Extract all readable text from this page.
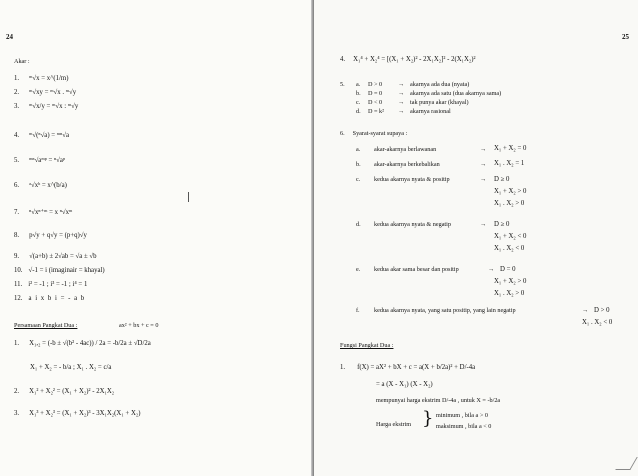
24
Akar :
1. ᵐ√x = x^(1/m)
2. ᵐ√xy = ᵐ√x . ᵐ√y
3. ᵐ√x/y = ᵐ√x : ᵐ√y
4. ᵐ√(ⁿ√a) = ᵐⁿ√a
5. ᵐⁿ√aᵐᵖ = ⁿ√aᵖ
6. ᵃ√xᵇ = x^(b/a)
7. ⁿ√xⁿ⁺ᵐ = x ⁿ√xᵐ
8. p√y + q√y = (p+q)√y
9. √(a+b) ± 2√ab = √a ± √b
10. √-1 = i (imaginair = khayal)
11. i² = -1 ; i³ = -1 ; i⁴ = 1
12. a i x b i = - a b
Persamaan Pangkat Dua :	ax² + bx + c = 0
1. X₁,₂ = (-b ± √(b² - 4ac)) / 2a = -b/2a ± √D/2a
X₁ + X₂ = - b/a ; X₁ . X₂ = c/a
2. X₁² + X₂² = (X₁ + X₂)² - 2X₁X₂
3. X₁³ + X₂³ = (X₁ + X₂)³ - 3X₁X₂(X₁ + X₂)
25
4. X₁⁴ + X₂⁴ = [(X₁ + X₂)² - 2X₁X₂]² - 2(X₁X₂)²
5. a. D > 0	→ akarnya ada dua (nyata)
b. D = 0	→ akarnya ada satu (dua akarnya sama)
c. D < 0	→ tak punya akar (khayal)
d. D = k² → akarnya rasional
6. Syarat-syarat supaya :
a. akar-akarnya berlawanan	→ X₁ + X₂ = 0
b. akar-akarnya berkebalikan	→ X₁ . X₂ = 1
c. kedua akarnya nyata & positip	→ D ≥ 0
X₁ + X₂ > 0
X₁ . X₂ > 0
d. kedua akarnya nyata & negatip	→ D ≥ 0
X₁ + X₂ < 0
X₁ . X₂ < 0
e. kedua akar sama besar dan positip	→ D = 0
X₁ + X₂ > 0
X₁ . X₂ > 0
f. kedua akarnya nyata, yang satu positip, yang lain negatip	→ D > 0
X₁ . X₂ < 0
Fungsi Pangkat Dua :
1. f(X) = aX² + bX + c = a(X + b/2a)² + D/-4a
= a (X - X₁) (X - X₂)
mempunyai harga ekstrim D/-4a , untuk X = -b/2a
Harga ekstrim } minimum , bila a > 0
maksimum , bila a < 0
